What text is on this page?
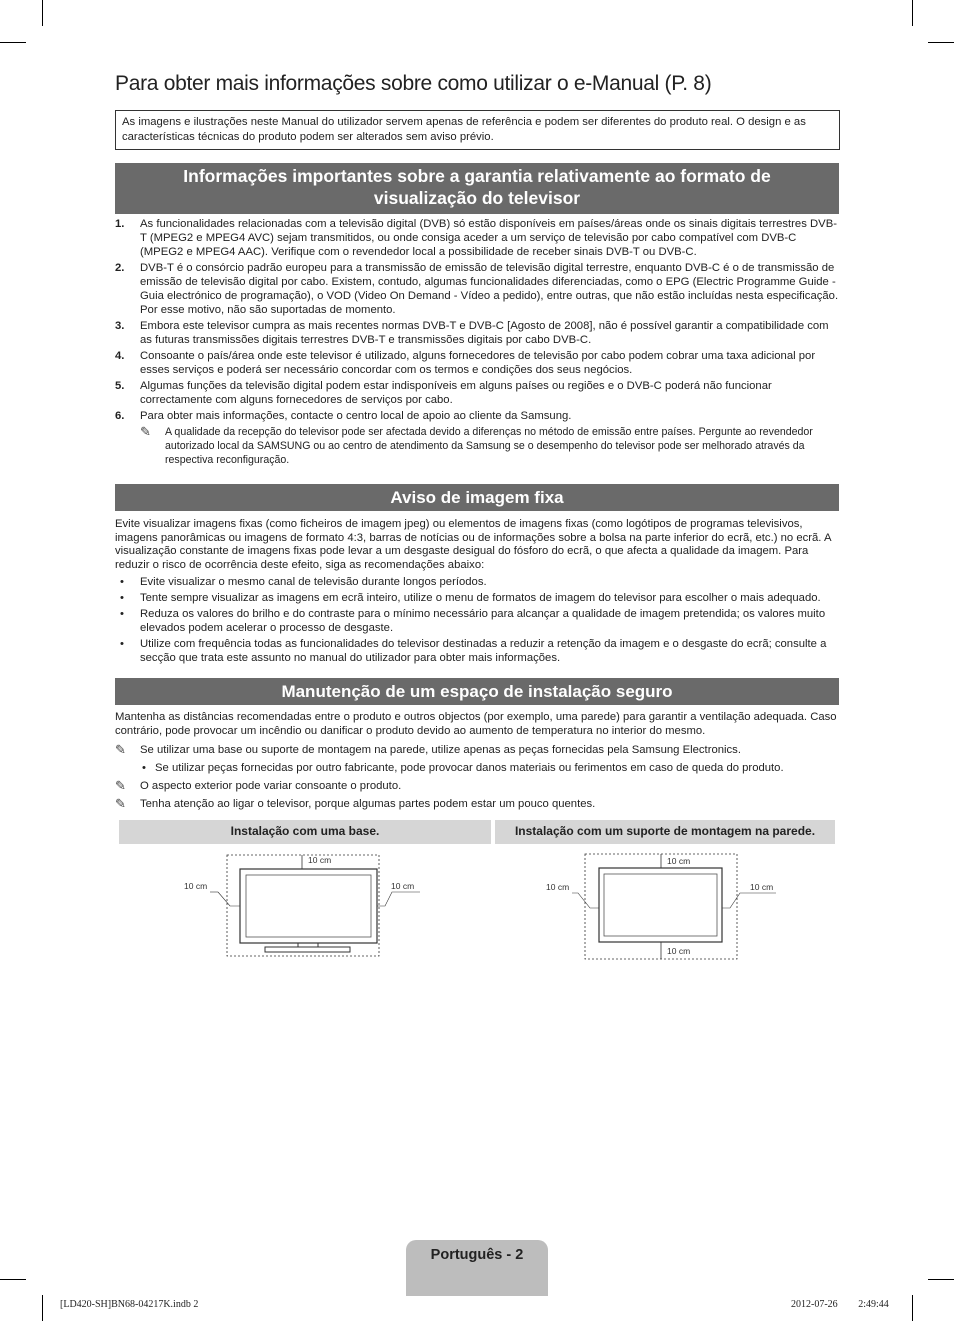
Para obter mais informações sobre como utilizar o e-Manual (P. 8)
As imagens e ilustrações neste Manual do utilizador servem apenas de referência e podem ser diferentes do produto real. O design e as características técnicas do produto podem ser alterados sem aviso prévio.
Informações importantes sobre a garantia relativamente ao formato de
visualização do televisor
1.	As funcionalidades relacionadas com a televisão digital (DVB) só estão disponíveis em países/áreas onde os sinais digitais terrestres DVB-T (MPEG2 e MPEG4 AVC) sejam transmitidos, ou onde consiga aceder a um serviço de televisão por cabo compatível com DVB-C (MPEG2 e MPEG4 AAC). Verifique com o revendedor local a possibilidade de receber sinais DVB-T ou DVB-C.
2.	DVB-T é o consórcio padrão europeu para a transmissão de emissão de televisão digital terrestre, enquanto DVB-C é o de transmissão de emissão de televisão digital por cabo. Existem, contudo, algumas funcionalidades diferenciadas, como o EPG (Electric Programme Guide - Guia electrónico de programação), o VOD (Video On Demand - Vídeo a pedido), entre outras, que não estão incluídas nesta especificação. Por esse motivo, não são suportadas de momento.
3.	Embora este televisor cumpra as mais recentes normas DVB-T e DVB-C [Agosto de 2008], não é possível garantir a compatibilidade com as futuras transmissões digitais terrestres DVB-T e transmissões digitais por cabo DVB-C.
4.	Consoante o país/área onde este televisor é utilizado, alguns fornecedores de televisão por cabo podem cobrar uma taxa adicional por esses serviços e poderá ser necessário concordar com os termos e condições dos seus negócios.
5.	Algumas funções da televisão digital podem estar indisponíveis em alguns países ou regiões e o DVB-C poderá não funcionar correctamente com alguns fornecedores de serviços por cabo.
6.	Para obter mais informações, contacte o centro local de apoio ao cliente da Samsung.
✎	A qualidade da recepção do televisor pode ser afectada devido a diferenças no método de emissão entre países. Pergunte ao revendedor autorizado local da SAMSUNG ou ao centro de atendimento da Samsung se o desempenho do televisor pode ser melhorado através da respectiva reconfiguração.
Aviso de imagem fixa
Evite visualizar imagens fixas (como ficheiros de imagem jpeg) ou elementos de imagens fixas (como logótipos de programas televisivos, imagens panorâmicas ou imagens de formato 4:3, barras de notícias ou de informações sobre a bolsa na parte inferior do ecrã, etc.) no ecrã. A visualização constante de imagens fixas pode levar a um desgaste desigual do fósforo do ecrã, o que afecta a qualidade da imagem. Para reduzir o risco de ocorrência deste efeito, siga as recomendações abaixo:
•	Evite visualizar o mesmo canal de televisão durante longos períodos.
•	Tente sempre visualizar as imagens em ecrã inteiro, utilize o menu de formatos de imagem do televisor para escolher o mais adequado.
•	Reduza os valores do brilho e do contraste para o mínimo necessário para alcançar a qualidade de imagem pretendida; os valores muito elevados podem acelerar o processo de desgaste.
•	Utilize com frequência todas as funcionalidades do televisor destinadas a reduzir a retenção da imagem e o desgaste do ecrã; consulte a secção que trata este assunto no manual do utilizador para obter mais informações.
Manutenção de um espaço de instalação seguro
Mantenha as distâncias recomendadas entre o produto e outros objectos (por exemplo, uma parede) para garantir a ventilação adequada. Caso contrário, pode provocar um incêndio ou danificar o produto devido ao aumento de temperatura no interior do mesmo.
✎	Se utilizar uma base ou suporte de montagem na parede, utilize apenas as peças fornecidas pela Samsung Electronics.
• Se utilizar peças fornecidas por outro fabricante, pode provocar danos materiais ou ferimentos em caso de queda do produto.
✎	O aspecto exterior pode variar consoante o produto.
✎	Tenha atenção ao ligar o televisor, porque algumas partes podem estar um pouco quentes.
Instalação com uma base.	Instalação com um suporte de montagem na parede.
10 cm
10 cm	10 cm
10 cm
10 cm
10 cm	10 cm
Português - 2
[LD420-SH]BN68-04217K.indb 2	2012-07-26 ￿￿ 2:49:44
